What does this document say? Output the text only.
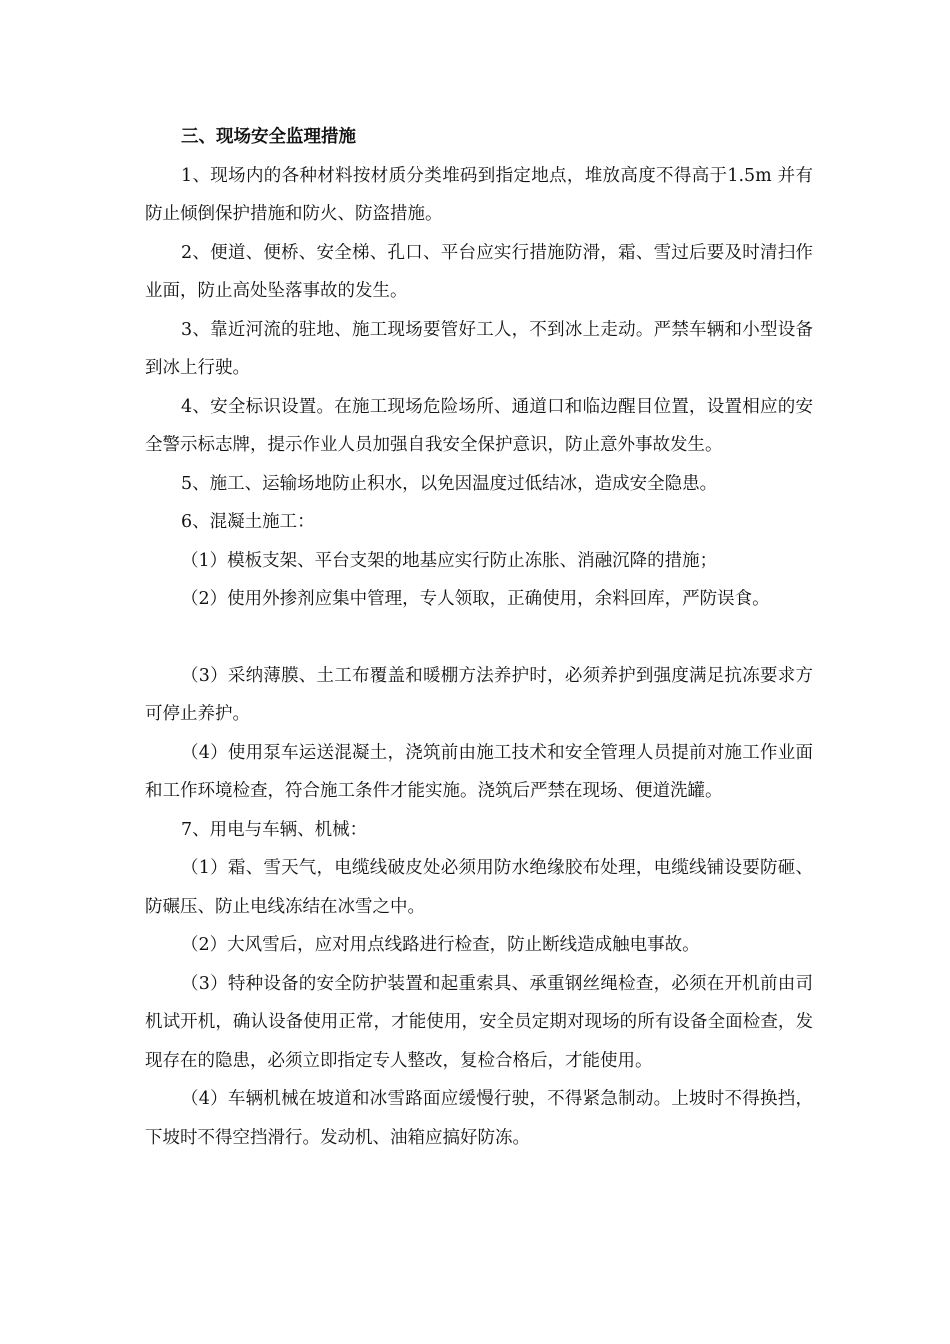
三、现场安全监理措施

1、现场内的各种材料按材质分类堆码到指定地点，堆放高度不得高于1.5m 并有防止倾倒保护措施和防火、防盗措施。

2、便道、便桥、安全梯、孔口、平台应实行措施防滑，霜、雪过后要及时清扫作业面，防止高处坠落事故的发生。

3、靠近河流的驻地、施工现场要管好工人，不到冰上走动。严禁车辆和小型设备到冰上行驶。

4、安全标识设置。在施工现场危险场所、通道口和临边醒目位置，设置相应的安全警示标志牌，提示作业人员加强自我安全保护意识，防止意外事故发生。

5、施工、运输场地防止积水，以免因温度过低结冰，造成安全隐患。

6、混凝土施工：

（1）模板支架、平台支架的地基应实行防止冻胀、消融沉降的措施；

（2）使用外掺剂应集中管理，专人领取，正确使用，余料回库，严防误食。

（3）采纳薄膜、土工布覆盖和暖棚方法养护时，必须养护到强度满足抗冻要求方可停止养护。

（4）使用泵车运送混凝土，浇筑前由施工技术和安全管理人员提前对施工作业面和工作环境检查，符合施工条件才能实施。浇筑后严禁在现场、便道洗罐。

7、用电与车辆、机械：

（1）霜、雪天气，电缆线破皮处必须用防水绝缘胶布处理，电缆线铺设要防砸、防碾压、防止电线冻结在冰雪之中。

（2）大风雪后，应对用点线路进行检查，防止断线造成触电事故。

（3）特种设备的安全防护装置和起重索具、承重钢丝绳检查，必须在开机前由司机试开机，确认设备使用正常，才能使用，安全员定期对现场的所有设备全面检查，发现存在的隐患，必须立即指定专人整改，复检合格后，才能使用。

（4）车辆机械在坡道和冰雪路面应缓慢行驶，不得紧急制动。上坡时不得换挡，下坡时不得空挡滑行。发动机、油箱应搞好防冻。
